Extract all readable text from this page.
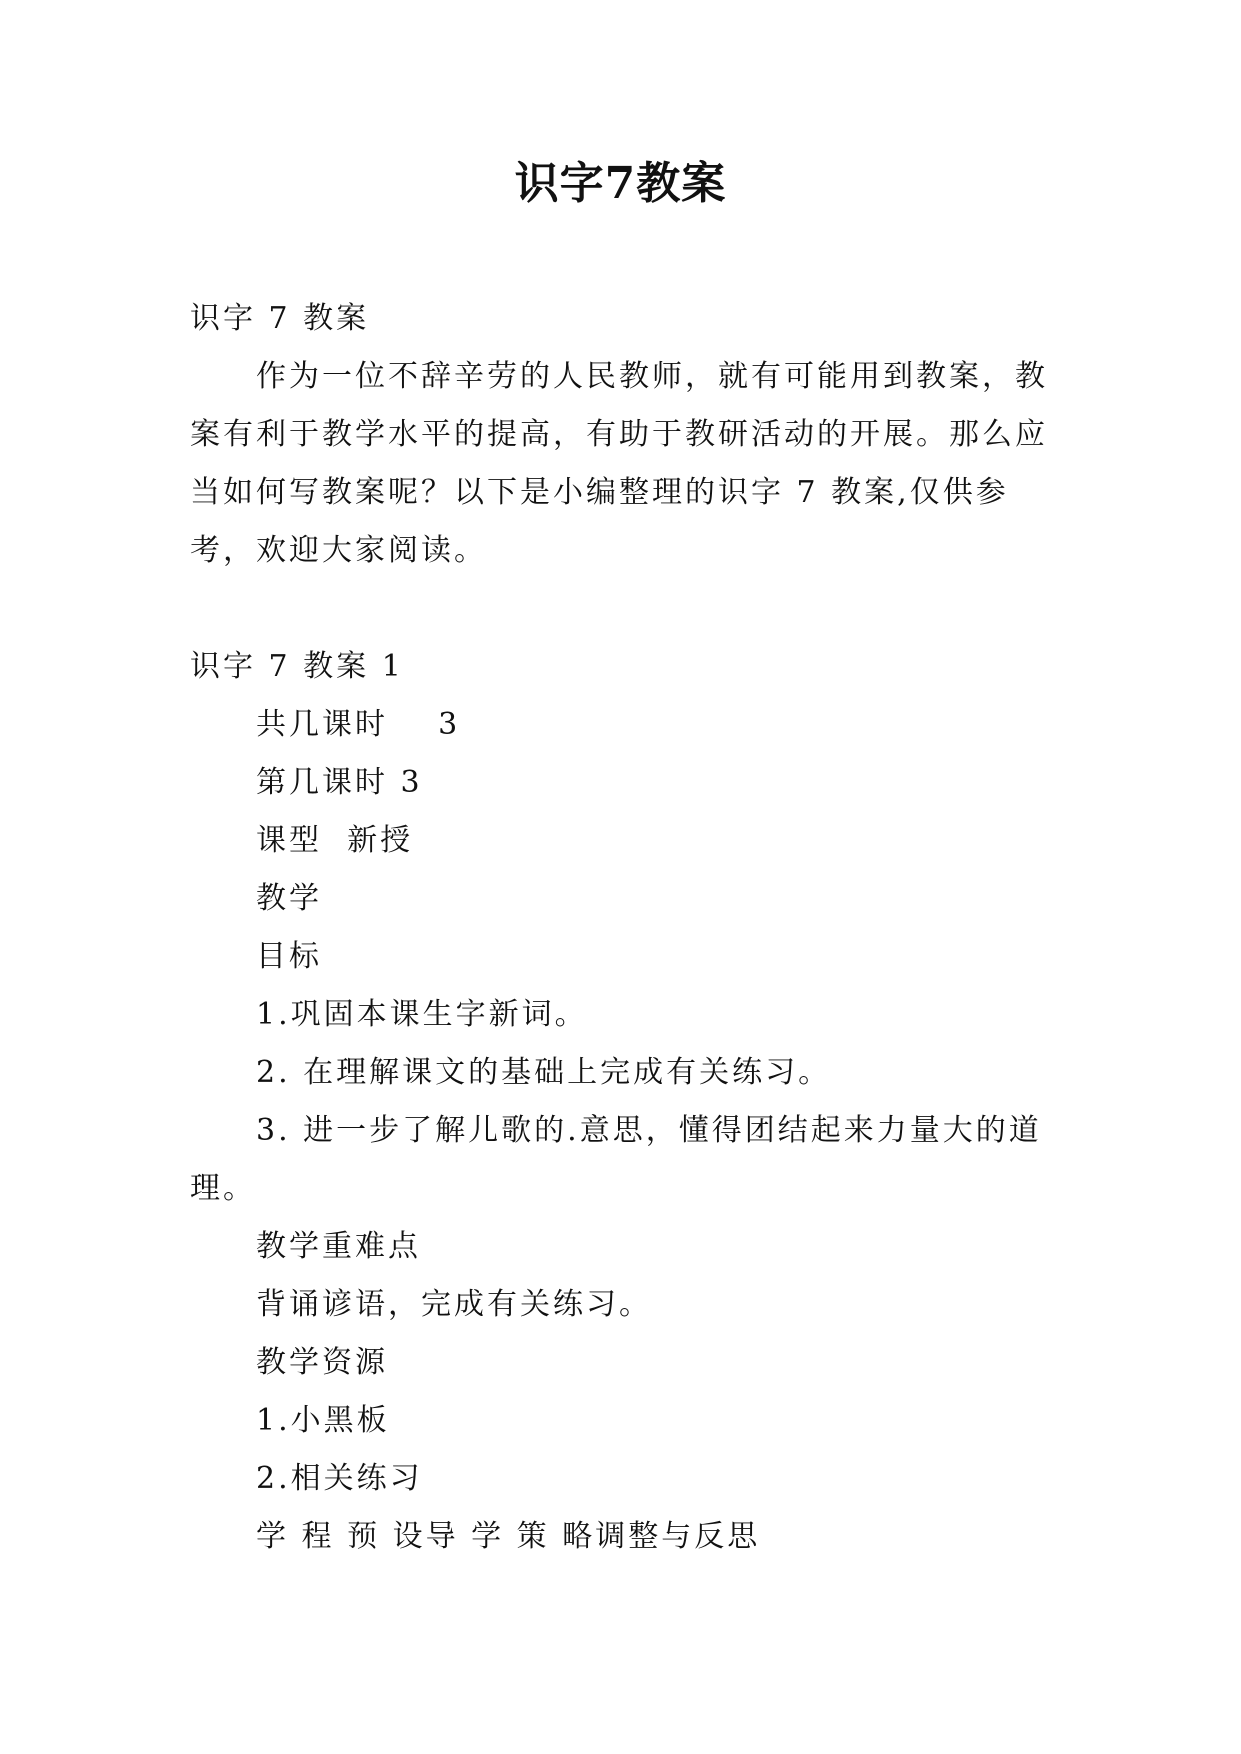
识字7教案

识字 7 教案

作为一位不辞辛劳的人民教师，就有可能用到教案，教案有利于教学水平的提高，有助于教研活动的开展。那么应当如何写教案呢？以下是小编整理的识字 7 教案,仅供参考，欢迎大家阅读。

识字 7 教案 1

共几课时    3

第几课时 3

课型  新授

教学

目标

1.巩固本课生字新词。

2. 在理解课文的基础上完成有关练习。

3. 进一步了解儿歌的.意思，懂得团结起来力量大的道理。

教学重难点

背诵谚语，完成有关练习。

教学资源

1.小黑板

2.相关练习

学 程 预 设导 学 策 略调整与反思
